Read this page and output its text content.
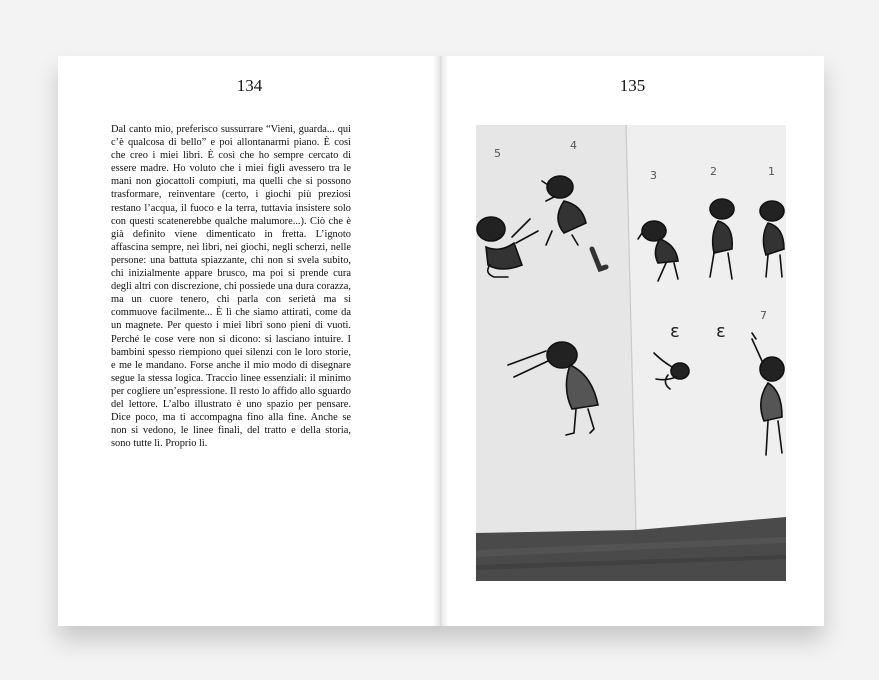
134

Dal canto mio, preferisco sussurrare “Vieni, guarda... qui c’è qualcosa di bello” e poi allontanarmi piano. È così che creo i miei libri. È così che ho sempre cercato di essere madre. Ho voluto che i miei figli avessero tra le mani non giocattoli compiuti, ma quelli che si possono trasformare, reinventare (certo, i giochi più preziosi restano l’acqua, il fuoco e la terra, tuttavia insistere solo con questi scatenerebbe qualche malumore...). Ciò che è già definito viene dimenticato in fretta. L’ignoto affascina sempre, nei libri, nei giochi, negli scherzi, nelle persone: una battuta spiazzante, chi non si svela subito, chi inizialmente appare brusco, ma poi si prende cura degli altri con discrezione, chi possiede una dura corazza, ma un cuore tenero, chi parla con serietà ma si commuove facilmente... È lì che siamo attirati, come da un magnete. Per questo i miei libri sono pieni di vuoti. Perché le cose vere non si dicono: si lasciano intuire. I bambini spesso riempiono quei silenzi con le loro storie, e me le mandano. Forse anche il mio modo di disegnare segue la stessa logica. Traccio linee essenziali: il minimo per cogliere un’espressione. Il resto lo affido allo sguardo del lettore. L’albo illustrato è uno spazio per pensare. Dice poco, ma ti accompagna fino alla fine. Anche se non si vedono, le linee finali, del tratto e della storia, sono tutte lì. Proprio lì.

135
5
4
3	2	1
7
ε ε
